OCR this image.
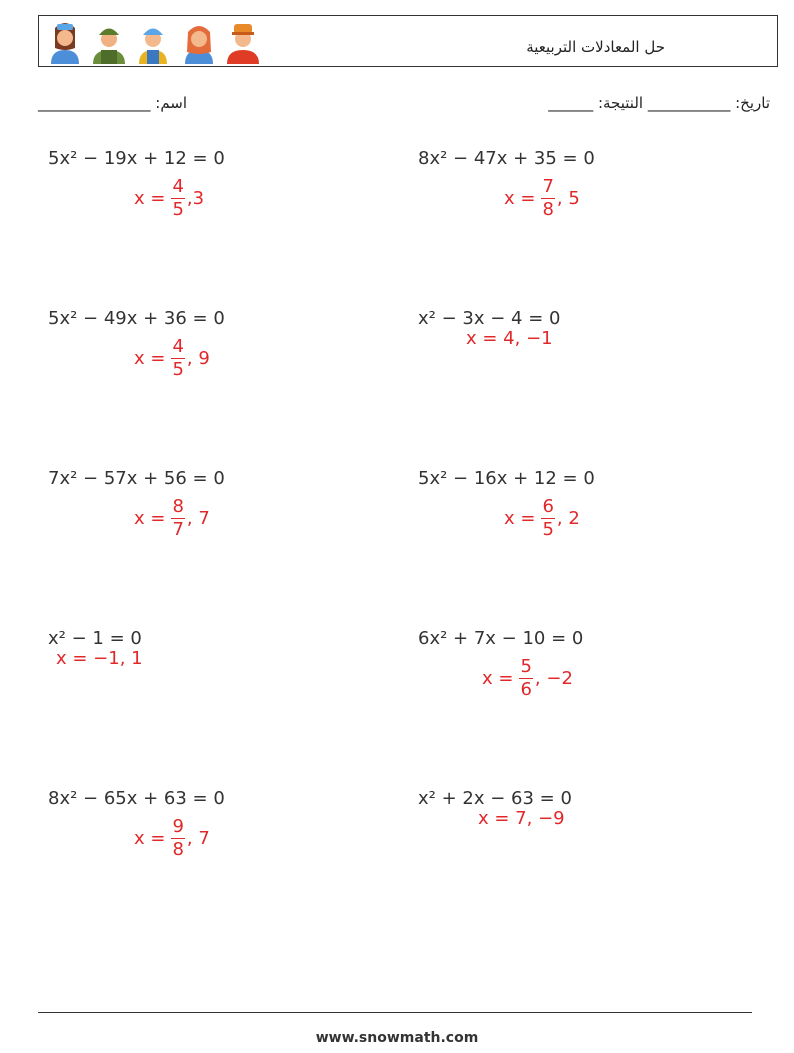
حل المعادلات التربيعية
_______________ :اسم	______ :تاريخ: ___________ النتيجة
5x² − 19x + 12 = 0
$x = \frac{4}{5} ,3$
8x² − 47x + 35 = 0
$x = \frac{7}{8}$ , 5
5x² − 49x + 36 = 0
$x = \frac{4}{5}$ , 9
x² − 3x − 4 = 0
x = 4, −1
7x² − 57x + 56 = 0
$x = \frac{8}{7}$ , 7
5x² − 16x + 12 = 0
$x = \frac{6}{5}$ , 2
x² − 1 = 0
x = −1, 1
6x² + 7x − 10 = 0
$x = \frac{5}{6}$ , −2
8x² − 65x + 63 = 0
$x = \frac{9}{8}$ , 7
x² + 2x − 63 = 0
x = 7, −9
www.snowmath.com
